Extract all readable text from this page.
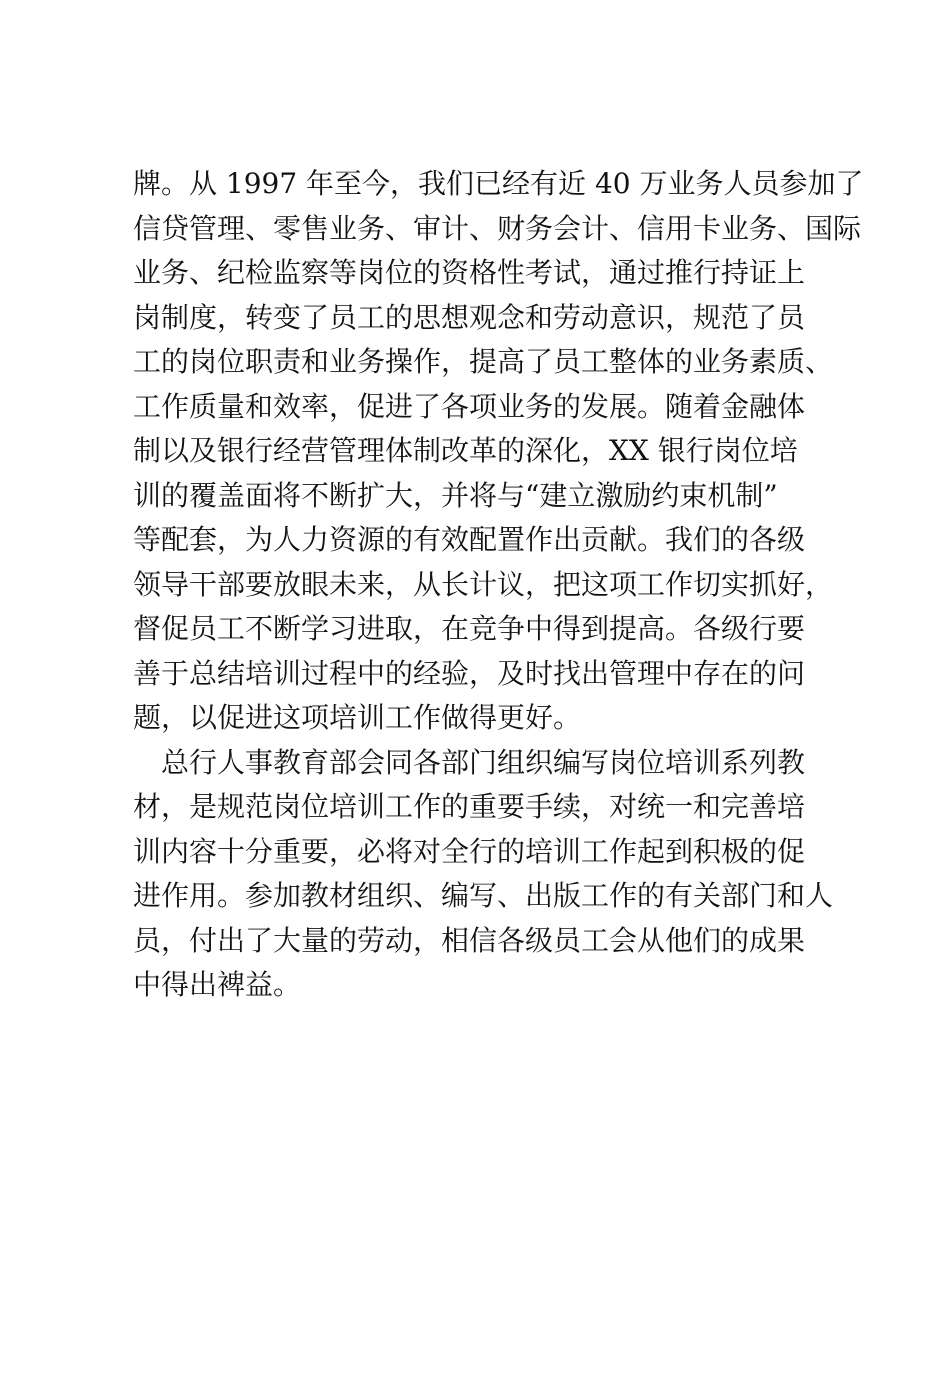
牌。从 1997 年至今，我们已经有近 40 万业务人员参加了
信贷管理、零售业务、审计、财务会计、信用卡业务、国际
业务、纪检监察等岗位的资格性考试，通过推行持证上
岗制度，转变了员工的思想观念和劳动意识，规范了员
工的岗位职责和业务操作，提高了员工整体的业务素质、
工作质量和效率，促进了各项业务的发展。随着金融体
制以及银行经营管理体制改革的深化，XX 银行岗位培
训的覆盖面将不断扩大，并将与“建立激励约束机制”
等配套，为人力资源的有效配置作出贡献。我们的各级
领导干部要放眼未来，从长计议，把这项工作切实抓好，
督促员工不断学习进取，在竞争中得到提高。各级行要
善于总结培训过程中的经验，及时找出管理中存在的问
题，以促进这项培训工作做得更好。
总行人事教育部会同各部门组织编写岗位培训系列教
材，是规范岗位培训工作的重要手续，对统一和完善培
训内容十分重要，必将对全行的培训工作起到积极的促
进作用。参加教材组织、编写、出版工作的有关部门和人
员，付出了大量的劳动，相信各级员工会从他们的成果
中得出裨益。
